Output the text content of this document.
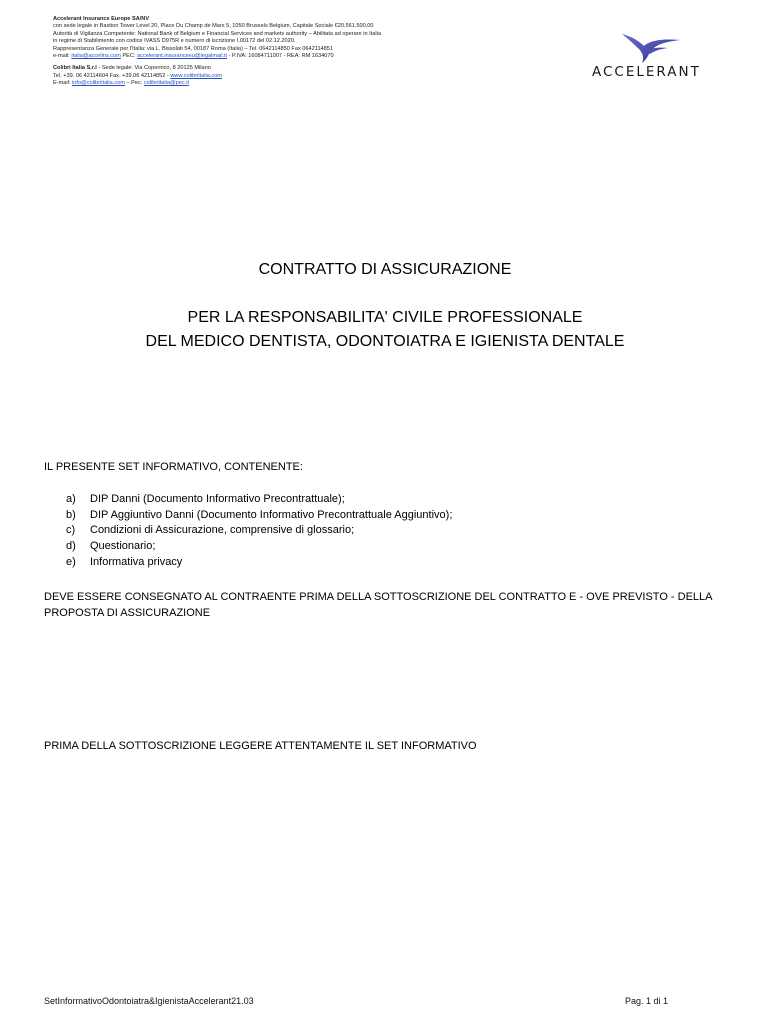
Accelerant Insurance Europe SA/NV
con sede legale in Bastion Tower Level 20, Place Du Champ de Mars 5, 1050 Brussels Belgium, Capitale Sociale €20.561.500,00
Autorità di Vigilanza Competente: National Bank of Belgium e Financial Services and markets authority – Abilitata ad operare in Italia
in regime di Stabilimento con codice IVASS D975R e numero di iscrizione I.00172 del 02.12.2020.
Rappresentanza Generale per l'Italia: via L. Bissolati 54, 00187 Roma (Italia) – Tel. 0642114850 Fax 0642114851
e-mail: italia@accelins.com PEC: accelerant.insuranceeu@legalmail.it - P.IVA: 16084711007 - REA: RM 1634070
Colibrì Italia S.r.l - Sede legale: Via Copernico, 8 20125 Milano
Tel. +39. 06 42114604 Fax. +39.06 42114852 - www.colibriitalia.com
E-mail: info@colibriitalia.com – Pec: colibriitalia@pec.it
ACCELERANT
CONTRATTO DI ASSICURAZIONE
PER LA RESPONSABILITA' CIVILE PROFESSIONALE
DEL MEDICO DENTISTA, ODONTOIATRA E IGIENISTA DENTALE
IL PRESENTE SET INFORMATIVO, CONTENENTE:
a) DIP Danni (Documento Informativo Precontrattuale);
b) DIP Aggiuntivo Danni (Documento Informativo Precontrattuale Aggiuntivo);
c) Condizioni di Assicurazione, comprensive di glossario;
d) Questionario;
e) Informativa privacy
DEVE ESSERE CONSEGNATO AL CONTRAENTE PRIMA DELLA SOTTOSCRIZIONE DEL CONTRATTO E - OVE PREVISTO - DELLA PROPOSTA DI ASSICURAZIONE
PRIMA DELLA SOTTOSCRIZIONE LEGGERE ATTENTAMENTE IL SET INFORMATIVO
SetInformativoOdontoiatra&IgienistaAccelerant21.03	Pag. 1 di 1
